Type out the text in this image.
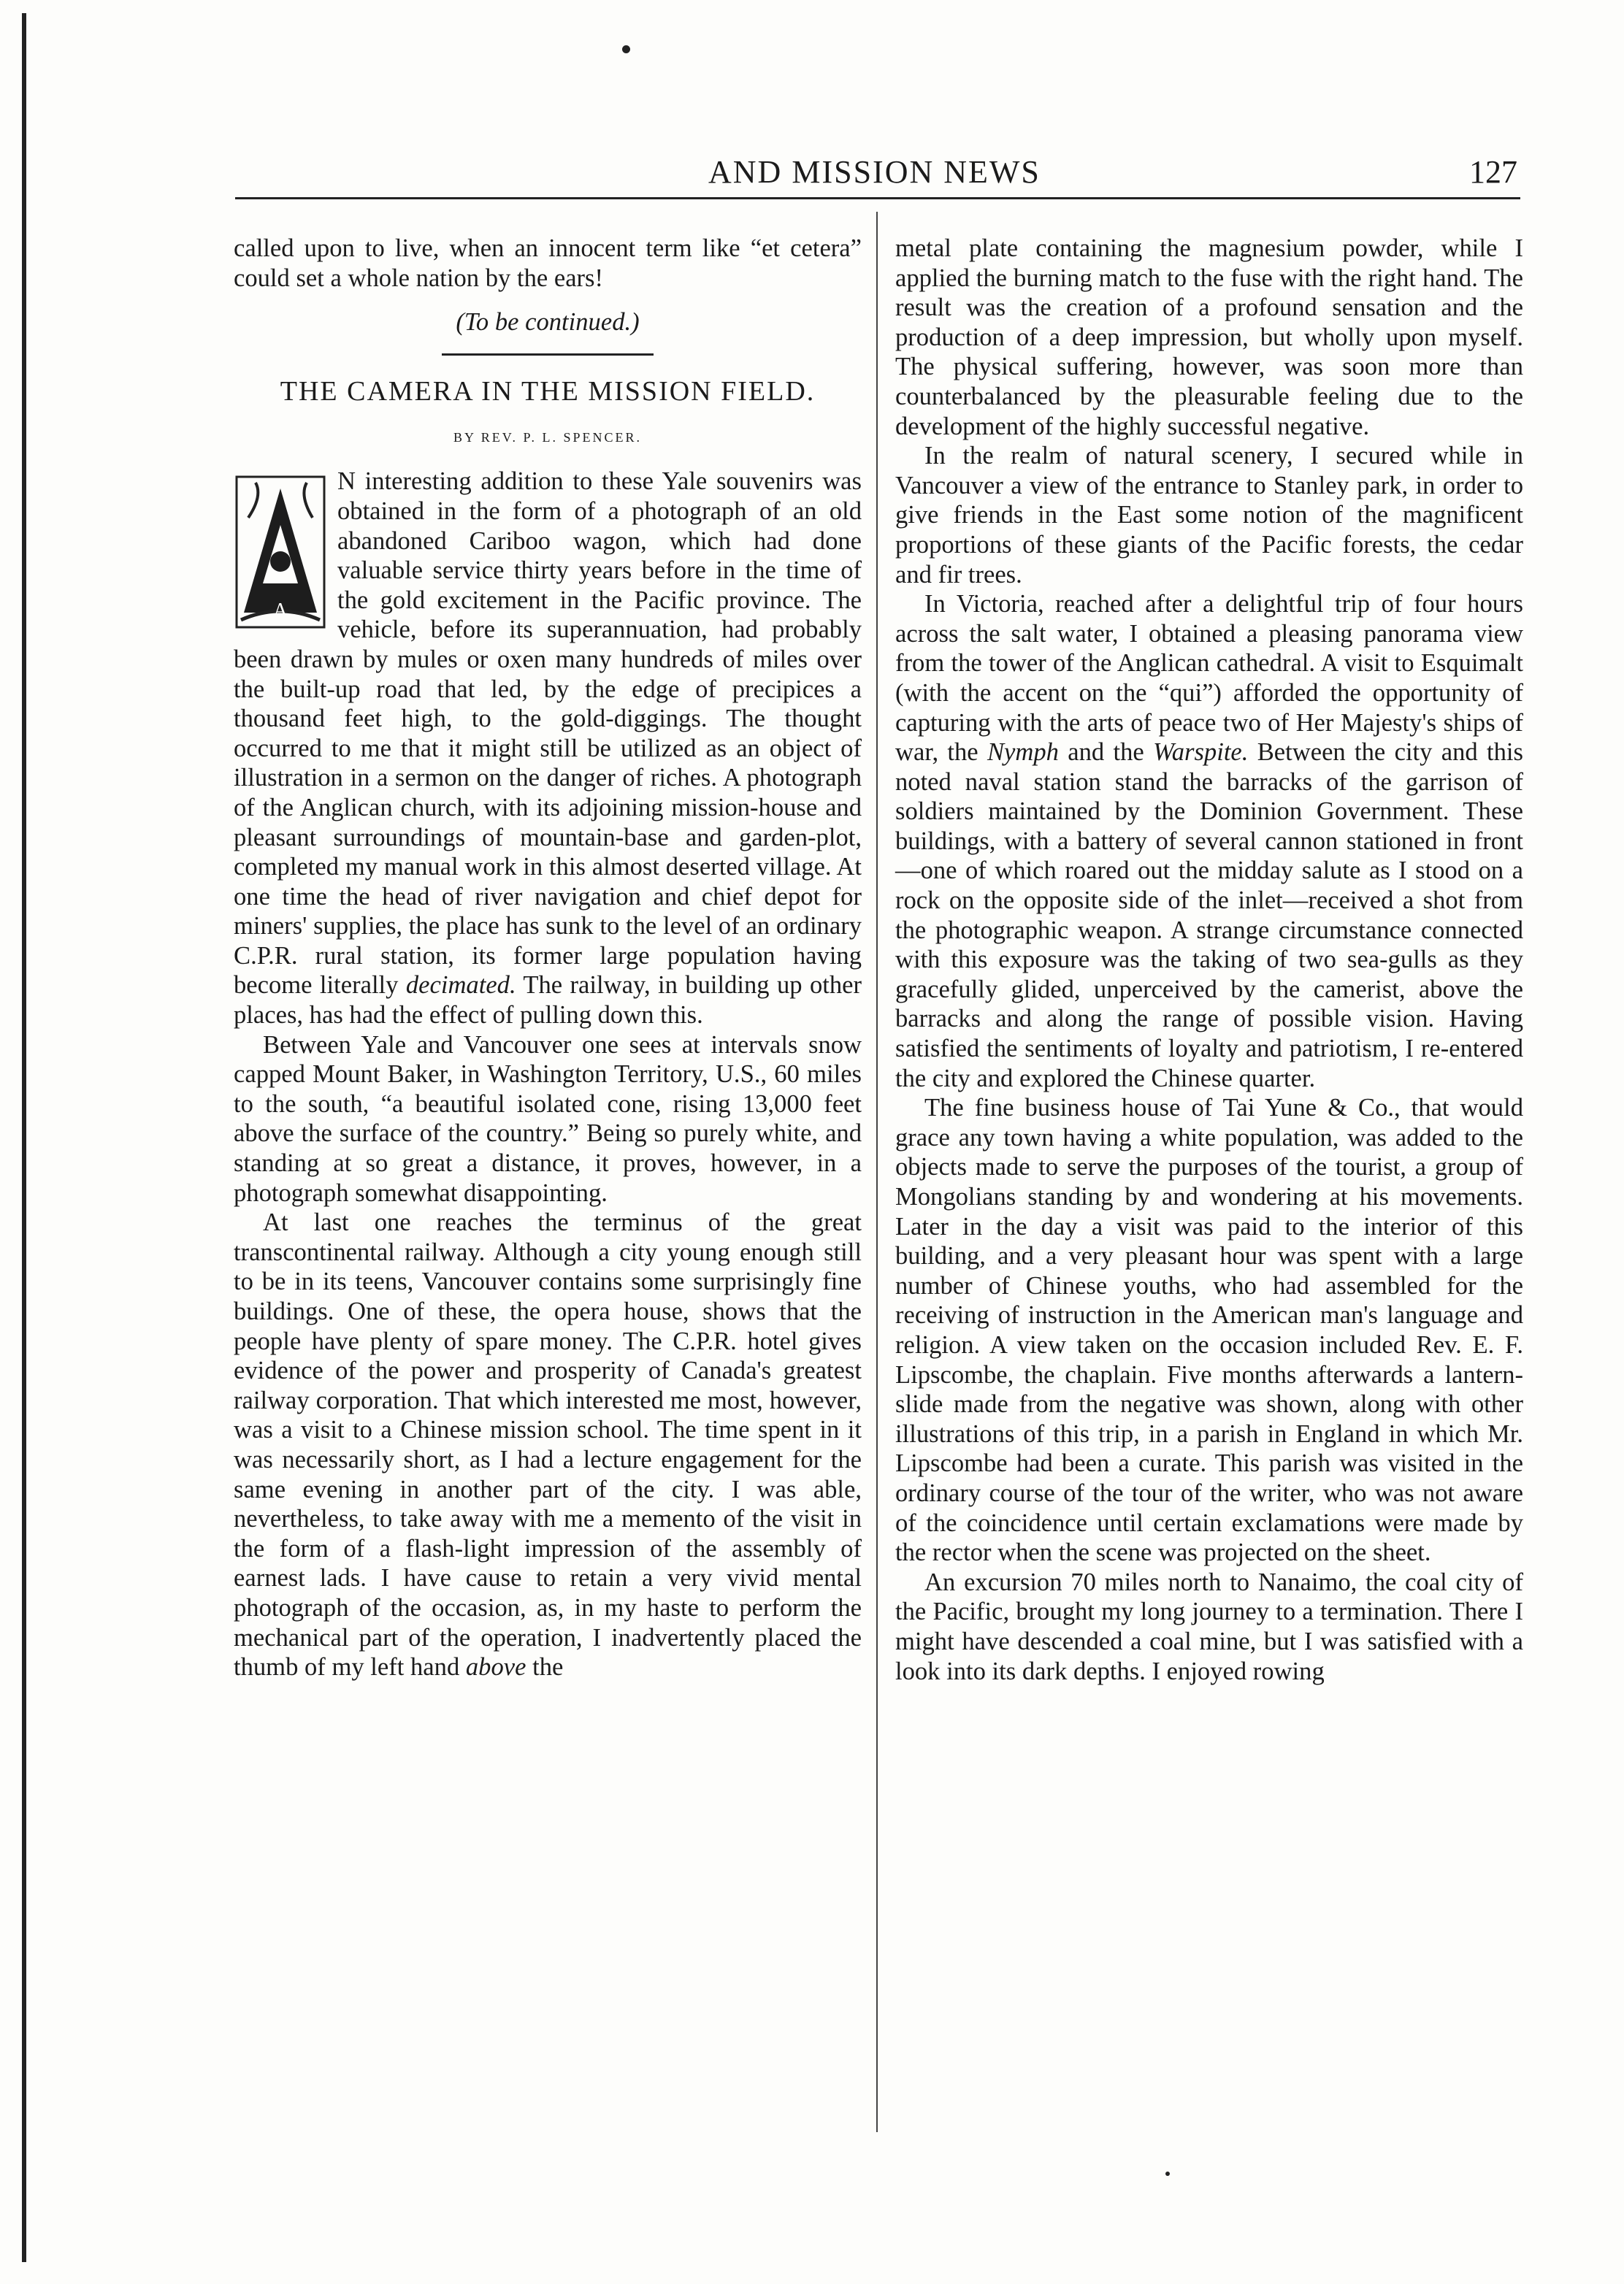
AND MISSION NEWS	127

called upon to live, when an innocent term like “et cetera” could set a whole nation by the ears!

(To be continued.)

THE CAMERA IN THE MISSION FIELD.
BY REV. P. L. SPENCER.

A
N interesting addition to these Yale souvenirs was obtained in the form of a photograph of an old abandoned Cariboo wagon, which had done valuable service thirty years before in the time of the gold excitement in the Pacific province. The vehicle, before its superannuation, had probably been drawn by mules or oxen many hundreds of miles over the built-up road that led, by the edge of precipices a thousand feet high, to the gold-diggings. The thought occurred to me that it might still be utilized as an object of illustration in a sermon on the danger of riches. A photograph of the Anglican church, with its adjoining mission-house and pleasant surroundings of mountain-base and garden-plot, completed my manual work in this almost deserted village. At one time the head of river navigation and chief depot for miners' supplies, the place has sunk to the level of an ordinary C.P.R. rural station, its former large population having become literally decimated. The railway, in building up other places, has had the effect of pulling down this.

Between Yale and Vancouver one sees at intervals snow capped Mount Baker, in Washington Territory, U.S., 60 miles to the south, “a beautiful isolated cone, rising 13,000 feet above the surface of the country.” Being so purely white, and standing at so great a distance, it proves, however, in a photograph somewhat disappointing.

At last one reaches the terminus of the great transcontinental railway. Although a city young enough still to be in its teens, Vancouver contains some surprisingly fine buildings. One of these, the opera house, shows that the people have plenty of spare money. The C.P.R. hotel gives evidence of the power and prosperity of Canada's greatest railway corporation. That which interested me most, however, was a visit to a Chinese mission school. The time spent in it was necessarily short, as I had a lecture engagement for the same evening in another part of the city. I was able, nevertheless, to take away with me a memento of the visit in the form of a flash-light impression of the assembly of earnest lads. I have cause to retain a very vivid mental photograph of the occasion, as, in my haste to perform the mechanical part of the operation, I inadvertently placed the thumb of my left hand above the

metal plate containing the magnesium powder, while I applied the burning match to the fuse with the right hand. The result was the creation of a profound sensation and the production of a deep impression, but wholly upon myself. The physical suffering, however, was soon more than counterbalanced by the pleasurable feeling due to the development of the highly successful negative.

In the realm of natural scenery, I secured while in Vancouver a view of the entrance to Stanley park, in order to give friends in the East some notion of the magnificent proportions of these giants of the Pacific forests, the cedar and fir trees.

In Victoria, reached after a delightful trip of four hours across the salt water, I obtained a pleasing panorama view from the tower of the Anglican cathedral. A visit to Esquimalt (with the accent on the “qui”) afforded the opportunity of capturing with the arts of peace two of Her Majesty's ships of war, the Nymph and the Warspite. Between the city and this noted naval station stand the barracks of the garrison of soldiers maintained by the Dominion Government. These buildings, with a battery of several cannon stationed in front—one of which roared out the midday salute as I stood on a rock on the opposite side of the inlet—received a shot from the photographic weapon. A strange circumstance connected with this exposure was the taking of two sea-gulls as they gracefully glided, unperceived by the camerist, above the barracks and along the range of possible vision. Having satisfied the sentiments of loyalty and patriotism, I re-entered the city and explored the Chinese quarter.

The fine business house of Tai Yune & Co., that would grace any town having a white population, was added to the objects made to serve the purposes of the tourist, a group of Mongolians standing by and wondering at his movements. Later in the day a visit was paid to the interior of this building, and a very pleasant hour was spent with a large number of Chinese youths, who had assembled for the receiving of instruction in the American man's language and religion. A view taken on the occasion included Rev. E. F. Lipscombe, the chaplain. Five months afterwards a lantern-slide made from the negative was shown, along with other illustrations of this trip, in a parish in England in which Mr. Lipscombe had been a curate. This parish was visited in the ordinary course of the tour of the writer, who was not aware of the coincidence until certain exclamations were made by the rector when the scene was projected on the sheet.

An excursion 70 miles north to Nanaimo, the coal city of the Pacific, brought my long journey to a termination. There I might have descended a coal mine, but I was satisfied with a look into its dark depths. I enjoyed rowing
